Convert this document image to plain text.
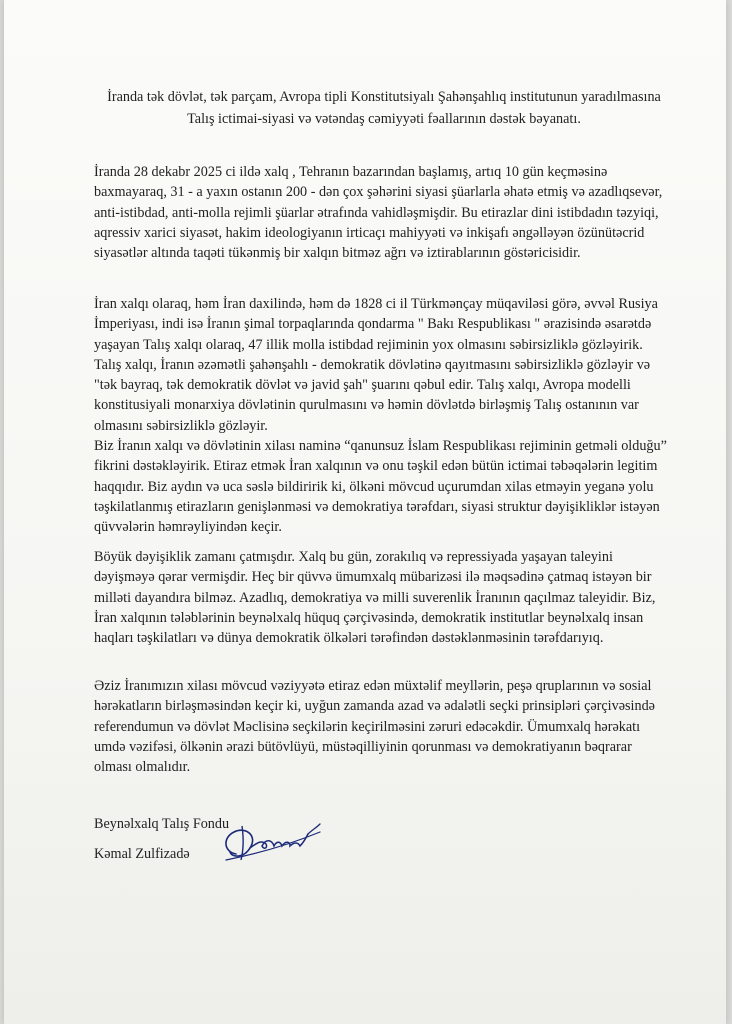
İranda tək dövlət, tək parçam, Avropa tipli Konstitutsiyalı Şahənşahlıq institutunun yaradılmasına Talış ictimai-siyasi və vətəndaş cəmiyyəti fəallarının dəstək bəyanatı.
İranda 28 dekabr 2025 ci ildə xalq , Tehranın bazarından başlamış, artıq 10 gün keçməsinə baxmayaraq, 31 - a yaxın ostanın 200 - dən çox şəhərini siyasi şüarlarla əhatə etmiş və azadlıqsevər, anti-istibdad, anti-molla rejimli şüarlar ətrafında vahidləşmişdir. Bu etirazlar dini istibdadın təzyiqi, aqressiv xarici siyasət, hakim ideologiyanın irticaçı mahiyyəti və inkişafı əngəlləyən özünütəcrid siyasətlər altında taqəti tükənmiş bir xalqın bitməz ağrı və iztirablarının göstəricisidir.
İran xalqı olaraq, həm İran daxilində, həm də 1828 ci il Türkmənçay müqaviləsi görə, əvvəl Rusiya İmperiyası, indi isə İranın şimal torpaqlarında qondarma " Bakı Respublikası " ərazisində əsarətdə yaşayan Talış xalqı olaraq, 47 illik molla istibdad rejiminin yox olmasını səbirsizliklə gözləyirik. Talış xalqı, İranın əzəmətli şahənşahlı - demokratik dövlətinə qayıtmasını səbirsizliklə gözləyir və "tək bayraq, tək demokratik dövlət və javid şah" şuarını qəbul edir. Talış xalqı, Avropa modelli konstitusiyali monarxiya dövlətinin qurulmasını və həmin dövlətdə birləşmiş Talış ostanının var olmasını səbirsizliklə gözləyir.
Biz İranın xalqı və dövlətinin xilası naminə “qanunsuz İslam Respublikası rejiminin getməli olduğu” fikrini dəstəkləyirik. Etiraz etmək İran xalqının və onu təşkil edən bütün ictimai təbəqələrin legitim haqqıdır. Biz aydın və uca səslə bildiririk ki, ölkəni mövcud uçurumdan xilas etməyin yeganə yolu təşkilatlanmış etirazların genişlənməsi və demokratiya tərəfdarı, siyasi struktur dəyişikliklər istəyən qüvvələrin həmrəyliyindən keçir.
Böyük dəyişiklik zamanı çatmışdır. Xalq bu gün, zorakılıq və repressiyada yaşayan taleyini dəyişməyə qərar vermişdir. Heç bir qüvvə ümumxalq mübarizəsi ilə məqsədinə çatmaq istəyən bir milləti dayandıra bilməz. Azadlıq, demokratiya və milli suverenlik İranının qaçılmaz taleyidir. Biz, İran xalqının tələblərinin beynəlxalq hüquq çərçivəsində, demokratik institutlar beynəlxalq insan haqları təşkilatları və dünya demokratik ölkələri tərəfindən dəstəklənməsinin tərəfdarıyıq.
Əziz İranımızın xilası mövcud vəziyyətə etiraz edən müxtəlif meyllərin, peşə qruplarının və sosial hərəkatların birləşməsindən keçir ki, uyğun zamanda azad və ədalətli seçki prinsipləri çərçivəsində referendumun və dövlət Məclisinə seçkilərin keçirilməsini zəruri edəcəkdir. Ümumxalq hərəkatı umdə vəzifəsi, ölkənin ərazi bütövlüyü, müstəqilliyinin qorunması və demokratiyanın bəqrarar olması olmalıdır.
Beynəlxalq Talış Fondu
Kəmal Zulfizadə
